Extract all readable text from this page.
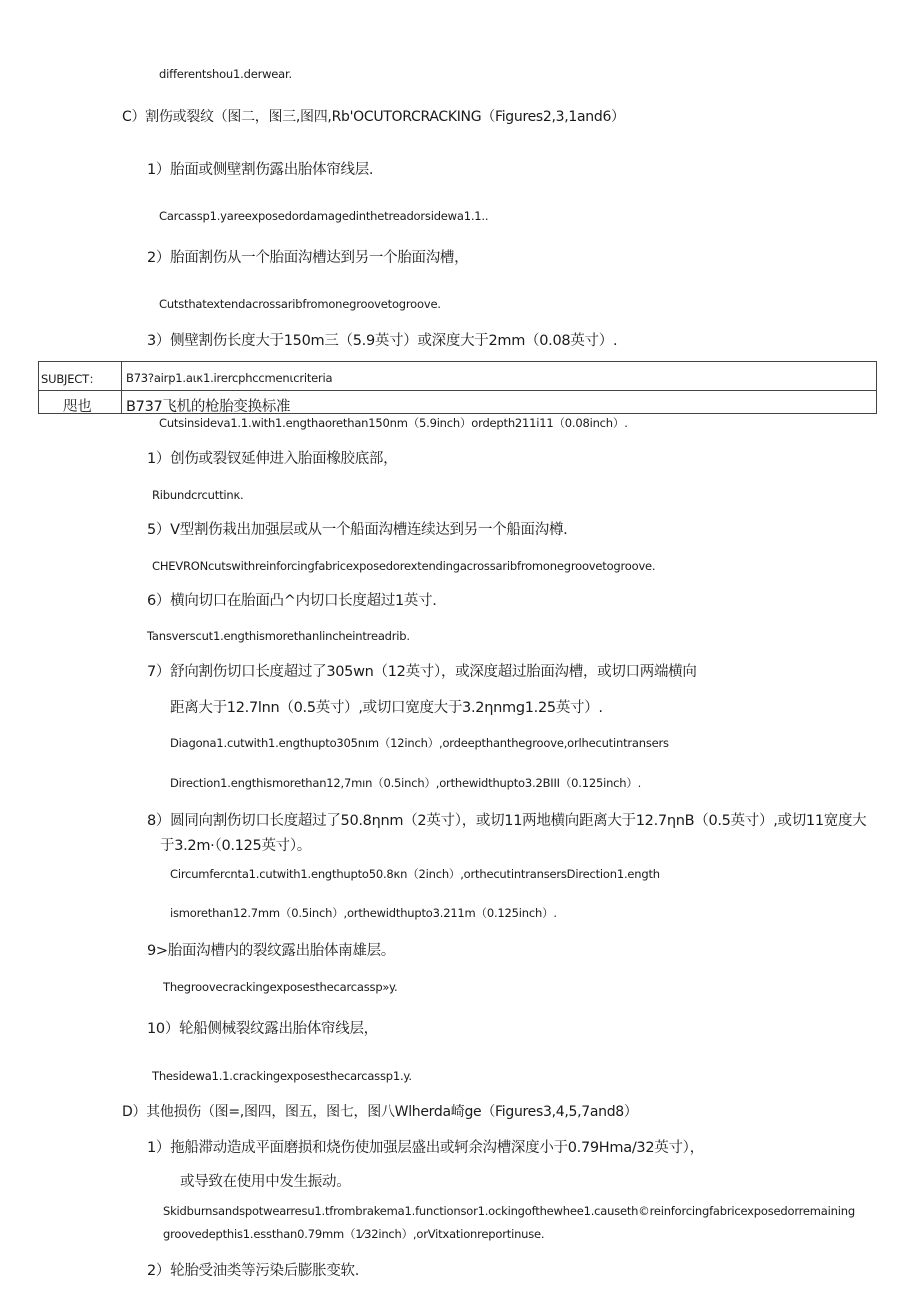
differentshou1.derwear.
C）割伤或裂纹（图二，图三,图四,Rb'OCUTORCRACKING（Figures2,3,1and6）
1）胎面或侧壁割伤露出胎体帘线层.
Carcassp1.yareexposedordamagedinthetreadorsidewa1.1..
2）胎面割伤从一个胎面沟槽达到另一个胎面沟槽，
Cutsthatextendacrossaribfromonegroovetogroove.
3）侧壁割伤长度大于150m三（5.9英寸）或深度大于2mm（0.08英寸）.
SUBJECT： B73?airp1.aικ1.irercphccmenιcriteria
咫也 B737飞机的枪胎变换标准
Cutsinsideva1.1.with1.engthaorethan150nm（5.9inch）ordepth211i11（0.08inch）.
1）创伤或裂钗延伸进入胎面橡胶底部，
Ribundcrcuttinκ.
5）V型割伤栽出加强层或从一个船面沟槽连续达到另一个船面沟樽.
CHEVRONcutswithreinforcingfabricexposedorextendingacrossaribfromonegroovetogroove.
6）横向切口在胎面凸^内切口长度超过1英寸.
Tansverscut1.engthismorethanlincheintreadrib.
7）舒向割伤切口长度超过了305wn（12英寸），或深度超过胎面沟槽，或切口两端横向
距离大于12.7lnn（0.5英寸）,或切口宽度大于3.2ηnmg1.25英寸）.
Diagona1.cutwith1.engthupto305nım（12inch）,ordeepthanthegroove,orlhecutintransers
Direction1.engthismorethan12,7mın（0.5inch）,orthewidthupto3.2BIII（0.125inch）.
8）圆同向割伤切口长度超过了50.8ηnm（2英寸），或切11两地横向距离大于12.7ηnB（0.5英寸）,或切11宽度大
于3.2m·（0.125英寸）。
Circumfercnta1.cutwith1.engthupto50.8κn（2inch）,orthecutintransersDirection1.ength
ismorethan12.7mm（0.5inch）,orthewidthupto3.211m（0.125inch）.
9>胎面沟槽内的裂纹露出胎体南雄层。
Thegroovecrackingexposesthecarcassp»y.
10）轮船侧械裂纹露出胎体帘线层，
Thesidewa1.1.crackingexposesthecarcassp1.y.
D）其他损伤（图=,图四，图五，图七，图八Wlherda崎ge（Figures3,4,5,7and8）
1）拖船滞动造成平面磨损和烧伤使加强层盛出或轲余沟槽深度小于0.79Hma/32英寸），
或导致在使用中发生振动。
Skidburnsandspotwearresu1.tfrombrakema1.functionsor1.ockingofthewhee1.causeth©reinforcingfabricexposedorremaining
groovedepthis1.essthan0.79mm（1⁄32inch）,orVitxationreportinuse.
2）轮胎受油类等污染后膨胀变软.
